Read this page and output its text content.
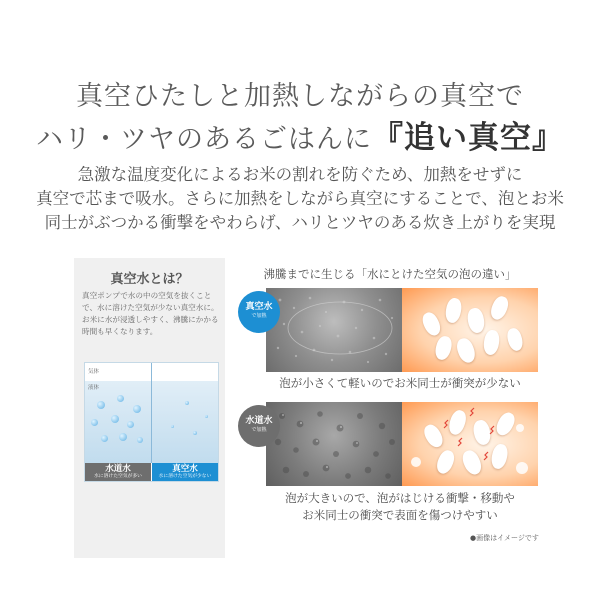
真空ひたしと加熱しながらの真空で
ハリ・ツヤのあるごはんに『追い真空』
急激な温度変化によるお米の割れを防ぐため、加熱をせずに
真空で芯まで吸水。さらに加熱をしながら真空にすることで、泡とお米
同士がぶつかる衝撃をやわらげ、ハリとツヤのある炊き上がりを実現
真空水とは？
真空ポンプで水の中の空気を抜くことで、水に溶けた空気が少ない真空水に。お米に水が浸透しやすく、沸騰にかかる時間も早くなります。
気体
液体
水道水
水に溶けた空気が多い
真空水
水に溶けた空気が少ない
沸騰までに生じる「水にとけた空気の泡の違い」
真空水
で加熱
泡が小さくて軽いのでお米同士が衝突が少ない
水道水
で加熱
泡が大きいので、泡がはじける衝撃・移動や
お米同士の衝突で表面を傷つけやすい
●画像はイメージです
